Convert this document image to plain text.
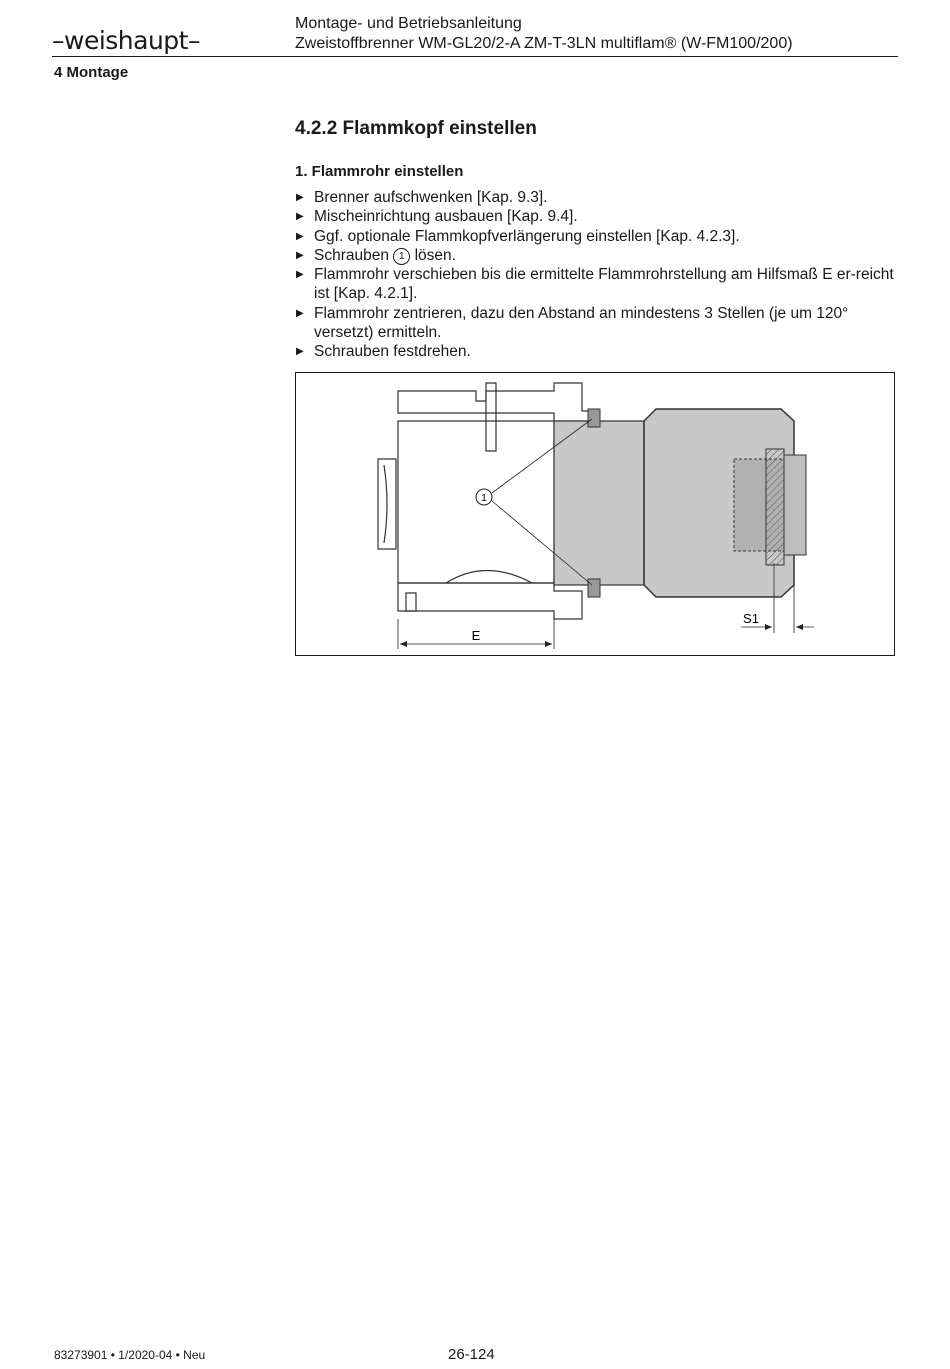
–weishaupt–
Montage- und Betriebsanleitung
Zweistoffbrenner WM-GL20/2-A ZM-T-3LN multiflam® (W-FM100/200)
4 Montage
4.2.2 Flammkopf einstellen
1. Flammrohr einstellen
▶ Brenner aufschwenken [Kap. 9.3].
▶ Mischeinrichtung ausbauen [Kap. 9.4].
▶ Ggf. optionale Flammkopfverlängerung einstellen [Kap. 4.2.3].
▶ Schrauben 1 lösen.
▶ Flammrohr verschieben bis die ermittelte Flammrohrstellung am Hilfsmaß E er-reicht ist [Kap. 4.2.1].
▶ Flammrohr zentrieren, dazu den Abstand an mindestens 3 Stellen (je um 120° versetzt) ermitteln.
▶ Schrauben festdrehen.
1
E
S1
83273901 • 1/2020-04 • Neu	26-124
